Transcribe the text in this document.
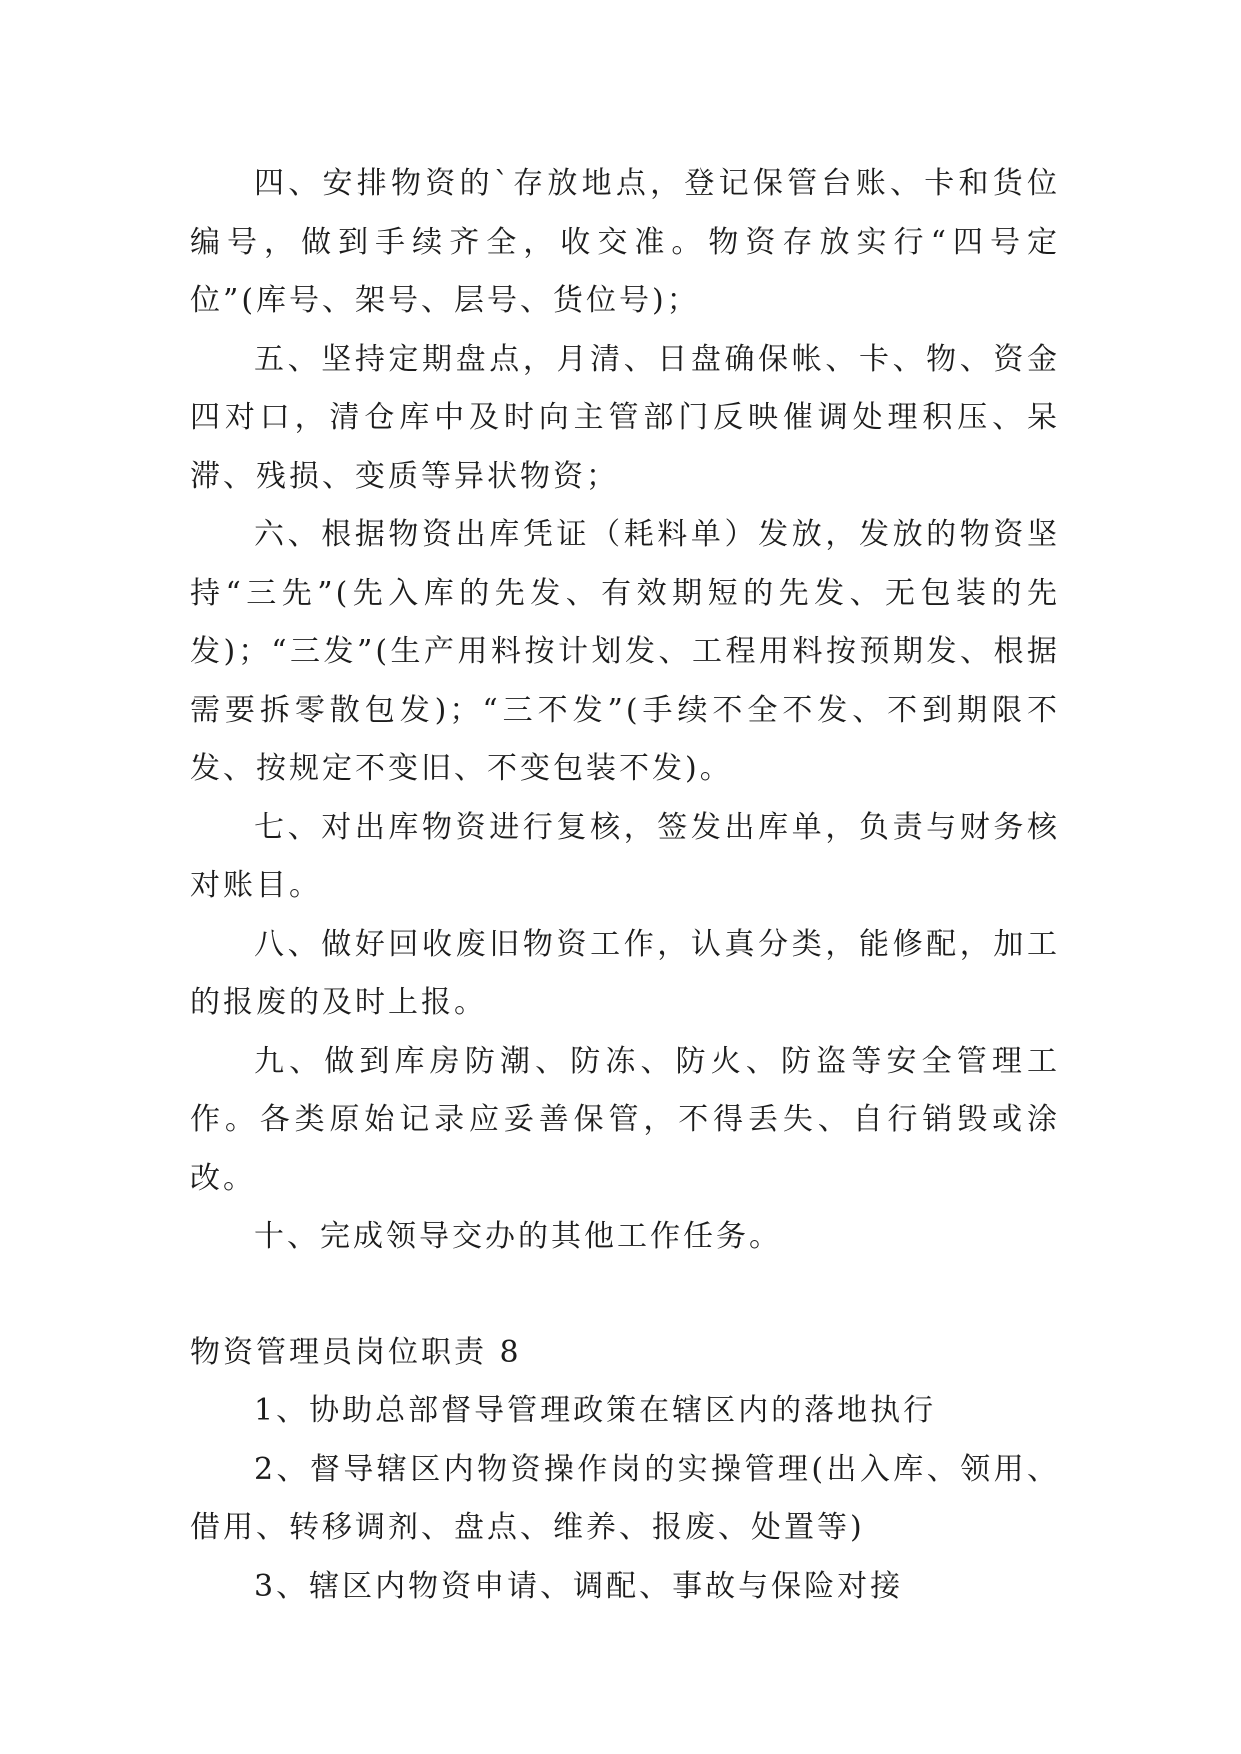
四、安排物资的`存放地点，登记保管台账、卡和货位编号，做到手续齐全，收交准。物资存放实行“四号定位”(库号、架号、层号、货位号)；

五、坚持定期盘点，月清、日盘确保帐、卡、物、资金四对口，清仓库中及时向主管部门反映催调处理积压、呆滞、残损、变质等异状物资；

六、根据物资出库凭证（耗料单）发放，发放的物资坚持“三先”(先入库的先发、有效期短的先发、无包装的先发)；“三发”(生产用料按计划发、工程用料按预期发、根据需要拆零散包发)；“三不发”(手续不全不发、不到期限不发、按规定不变旧、不变包装不发)。

七、对出库物资进行复核，签发出库单，负责与财务核对账目。

八、做好回收废旧物资工作，认真分类，能修配，加工的报废的及时上报。

九、做到库房防潮、防冻、防火、防盗等安全管理工作。各类原始记录应妥善保管，不得丢失、自行销毁或涂改。

十、完成领导交办的其他工作任务。

物资管理员岗位职责 8

1、协助总部督导管理政策在辖区内的落地执行

2、督导辖区内物资操作岗的实操管理(出入库、领用、借用、转移调剂、盘点、维养、报废、处置等)

3、辖区内物资申请、调配、事故与保险对接
